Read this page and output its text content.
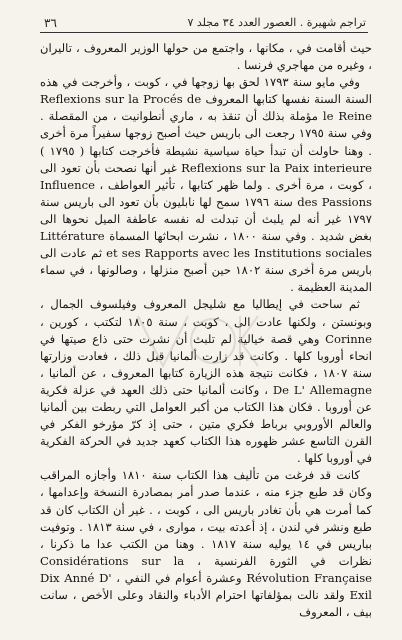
٣٦	تراجم شهيرة . العصور العدد ٣٤ مجلد ٧

حيث أقامت في ، مكانها ، واجتمع من حولها الوزير المعروف ، تاليران ، وغيره من مهاجري فرنسا .

وفي مايو سنة ١٧٩٣ لحق بها زوجها في ، كوبت ، وأخرجت في هذه السنة السنة نفسها كتابها المعروف Reflexions sur la Procés de le Reine مؤملة بذلك أن تنقذ به ، ماري أنطوانيت ، من المقصلة . وفي سنة ١٧٩٥ رجعت الى باريس حيث أصبح زوجها سفيراً مرة أخرى . وهنا حاولت أن تبدأ حياة سياسية نشيطة فأخرجت كتابها ( ١٧٩٥ ) Reflexions sur la Paix interieure غير أنها نصحت بأن تعود الى ، كوبت ، مرة أخرى . ولما ظهر كتابها ، تأثير العواطف ، Influence des Passions سنة ١٧٩٦ سمح لها نابليون بأن تعود الى باريس سنة ١٧٩٧ غير أنه لم يلبث أن تبدلت له نفسه عاطفة الميل نحوها الى بغض شديد . وفي سنة ١٨٠٠ ، نشرت ابحاثها المسماة Littérature et ses Rapports avec les Institutions sociales ثم عادت الى باريس مرة أخرى سنة ١٨٠٢ حين أصبح منزلها ، وصالونها ، في سماء المدينة العظيمة .

ثم ساحت في إيطاليا مع شليجل المعروف وفيلسوف الجمال ، وبونستن ، ولكنها عادت الى ، كوبت ، سنة ١٨٠٥ لتكتب ، كورين ، Corinne وهي قصة خيالية لم تلبث أن نشرت حتى ذاع صيتها في انحاء أوروبا كلها . وكانت قد زارت ألمانيا قبل ذلك ، فعادت وزارتها سنة ١٨٠٧ ، فكانت نتيجة هذه الزيارة كتابها المعروف ، عن ألمانيا ، De L' Allemagne ، وكانت ألمانيا حتى ذلك العهد في عزلة فكرية عن أوروبا . فكان هذا الكتاب من أكبر العوامل التي ربطت بين ألمانيا والعالم الأوروبي برباط فكري متين ، حتى إذ كرّ مؤرخو الفكر في القرن التاسع عشر ظهوره هذا الكتاب كعهد جديد في الحركة الفكرية في أوروبا كلها .

كانت قد فرغت من تأليف هذا الكتاب سنة ١٨١٠ وأجازه المراقب وكان قد طبع جزء منه ، عندما صدر أمر بمصادرة النسخة وإعدامها ، كما أمرت هي بأن تغادر باريس الى ، كوبت ، . غير أن الكتاب كان قد طبع ونشر في لندن ، إذ أعدته بيت ، موارى ، في سنة ١٨١٣ . وتوفيت بباريس في ١٤ يوليه سنة ١٨١٧ . وهنا من الكتب عدا ما ذكرنا ، نظرات في الثورة الفرنسية ، Considérations sur la Révolution Française وعشرة أعوام في النفي ، Dix Anné D' Exil ولقد نالت بمؤلفاتها احترام الأدباء والنقاد وعلى الأخص ، سانت بيف ، المعروف
